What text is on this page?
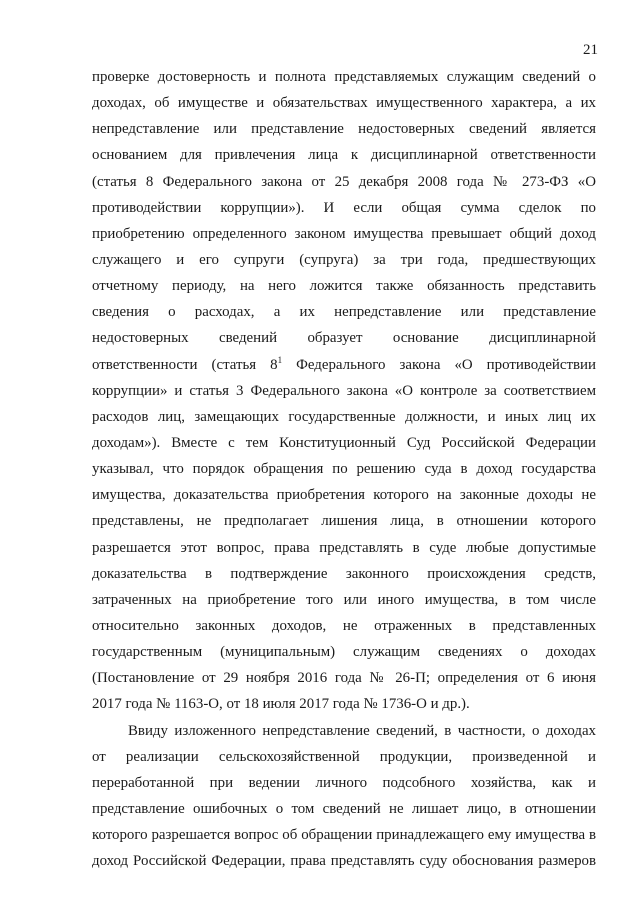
21
проверке достоверность и полнота представляемых служащим сведений о
доходах, об имуществе и обязательствах имущественного характера, а их
непредставление или представление недостоверных сведений является
основанием для привлечения лица к дисциплинарной ответственности
(статья 8 Федерального закона от 25 декабря 2008 года № 273-ФЗ «О
противодействии коррупции»). И если общая сумма сделок по
приобретению определенного законом имущества превышает общий доход
служащего и его супруги (супруга) за три года, предшествующих
отчетному периоду, на него ложится также обязанность представить
сведения о расходах, а их непредставление или представление
недостоверных сведений образует основание дисциплинарной
ответственности (статья $8^1$ Федерального закона «О противодействии
коррупции» и статья 3 Федерального закона «О контроле за соответствием
расходов лиц, замещающих государственные должности, и иных лиц их
доходам»). Вместе с тем Конституционный Суд Российской Федерации
указывал, что порядок обращения по решению суда в доход государства
имущества, доказательства приобретения которого на законные доходы не
представлены, не предполагает лишения лица, в отношении которого
разрешается этот вопрос, права представлять в суде любые допустимые
доказательства в подтверждение законного происхождения средств,
затраченных на приобретение того или иного имущества, в том числе
относительно законных доходов, не отраженных в представленных
государственным (муниципальным) служащим сведениях о доходах
(Постановление от 29 ноября 2016 года № 26-П; определения от 6 июня
2017 года № 1163-О, от 18 июля 2017 года № 1736-О и др.).
Ввиду изложенного непредставление сведений, в частности, о доходах
от реализации сельскохозяйственной продукции, произведенной и
переработанной при ведении личного подсобного хозяйства, как и
представление ошибочных о том сведений не лишает лицо, в отношении
которого разрешается вопрос об обращении принадлежащего ему имущества в
доход Российской Федерации, права представлять суду обоснования размеров
